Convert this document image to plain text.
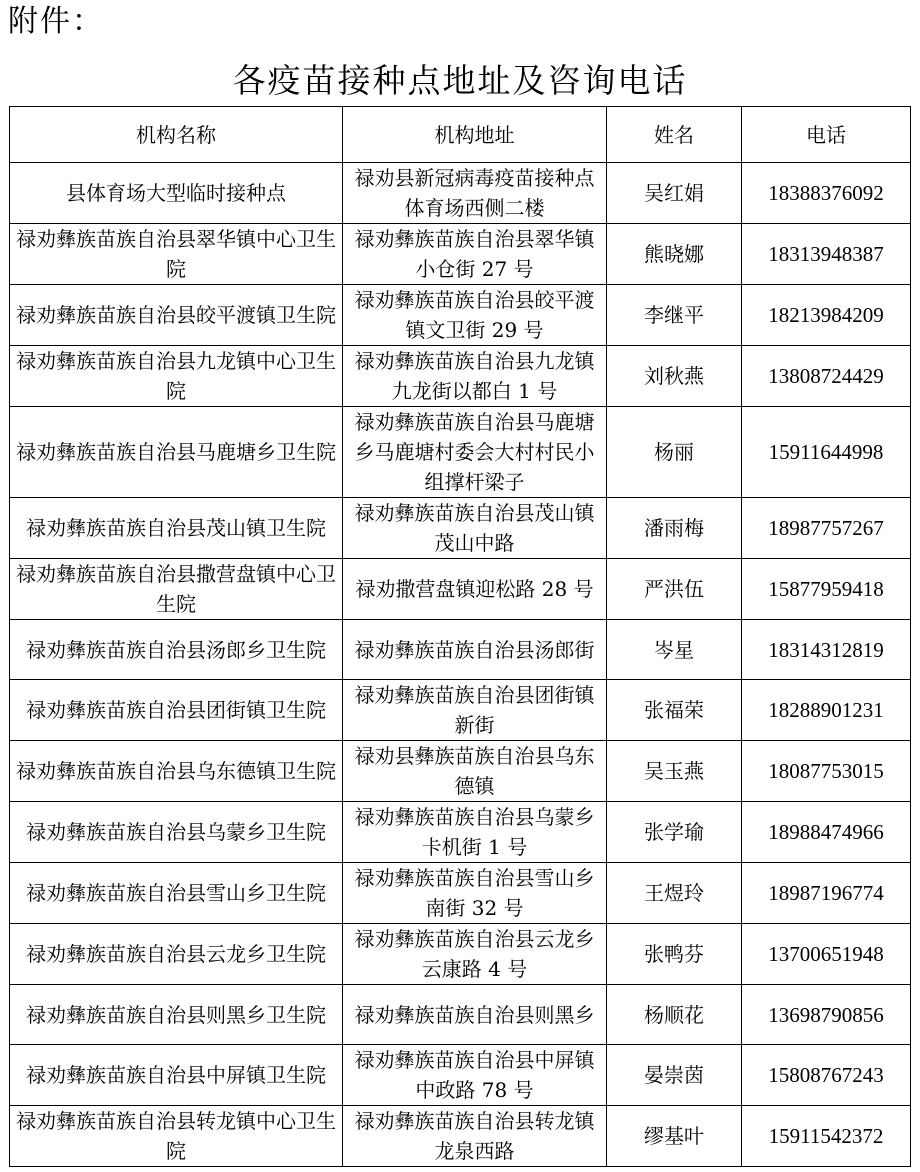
附件：
各疫苗接种点地址及咨询电话
机构名称	机构地址	姓名	电话
县体育场大型临时接种点	禄劝县新冠病毒疫苗接种点体育场西侧二楼	吴红娟	18388376092
禄劝彝族苗族自治县翠华镇中心卫生院	禄劝彝族苗族自治县翠华镇小仓街 27 号	熊晓娜	18313948387
禄劝彝族苗族自治县皎平渡镇卫生院	禄劝彝族苗族自治县皎平渡镇文卫街 29 号	李继平	18213984209
禄劝彝族苗族自治县九龙镇中心卫生院	禄劝彝族苗族自治县九龙镇九龙街以都白 1 号	刘秋燕	13808724429
禄劝彝族苗族自治县马鹿塘乡卫生院	禄劝彝族苗族自治县马鹿塘乡马鹿塘村委会大村村民小组撑杆梁子	杨丽	15911644998
禄劝彝族苗族自治县茂山镇卫生院	禄劝彝族苗族自治县茂山镇茂山中路	潘雨梅	18987757267
禄劝彝族苗族自治县撒营盘镇中心卫生院	禄劝撒营盘镇迎松路 28 号	严洪伍	15877959418
禄劝彝族苗族自治县汤郎乡卫生院	禄劝彝族苗族自治县汤郎街	岑星	18314312819
禄劝彝族苗族自治县团街镇卫生院	禄劝彝族苗族自治县团街镇新街	张福荣	18288901231
禄劝彝族苗族自治县乌东德镇卫生院	禄劝县彝族苗族自治县乌东德镇	吴玉燕	18087753015
禄劝彝族苗族自治县乌蒙乡卫生院	禄劝彝族苗族自治县乌蒙乡卡机街 1 号	张学瑜	18988474966
禄劝彝族苗族自治县雪山乡卫生院	禄劝彝族苗族自治县雪山乡南街 32 号	王煜玲	18987196774
禄劝彝族苗族自治县云龙乡卫生院	禄劝彝族苗族自治县云龙乡云康路 4 号	张鸭芬	13700651948
禄劝彝族苗族自治县则黑乡卫生院	禄劝彝族苗族自治县则黑乡	杨顺花	13698790856
禄劝彝族苗族自治县中屏镇卫生院	禄劝彝族苗族自治县中屏镇中政路 78 号	晏崇茵	15808767243
禄劝彝族苗族自治县转龙镇中心卫生院	禄劝彝族苗族自治县转龙镇龙泉西路	缪基叶	15911542372
